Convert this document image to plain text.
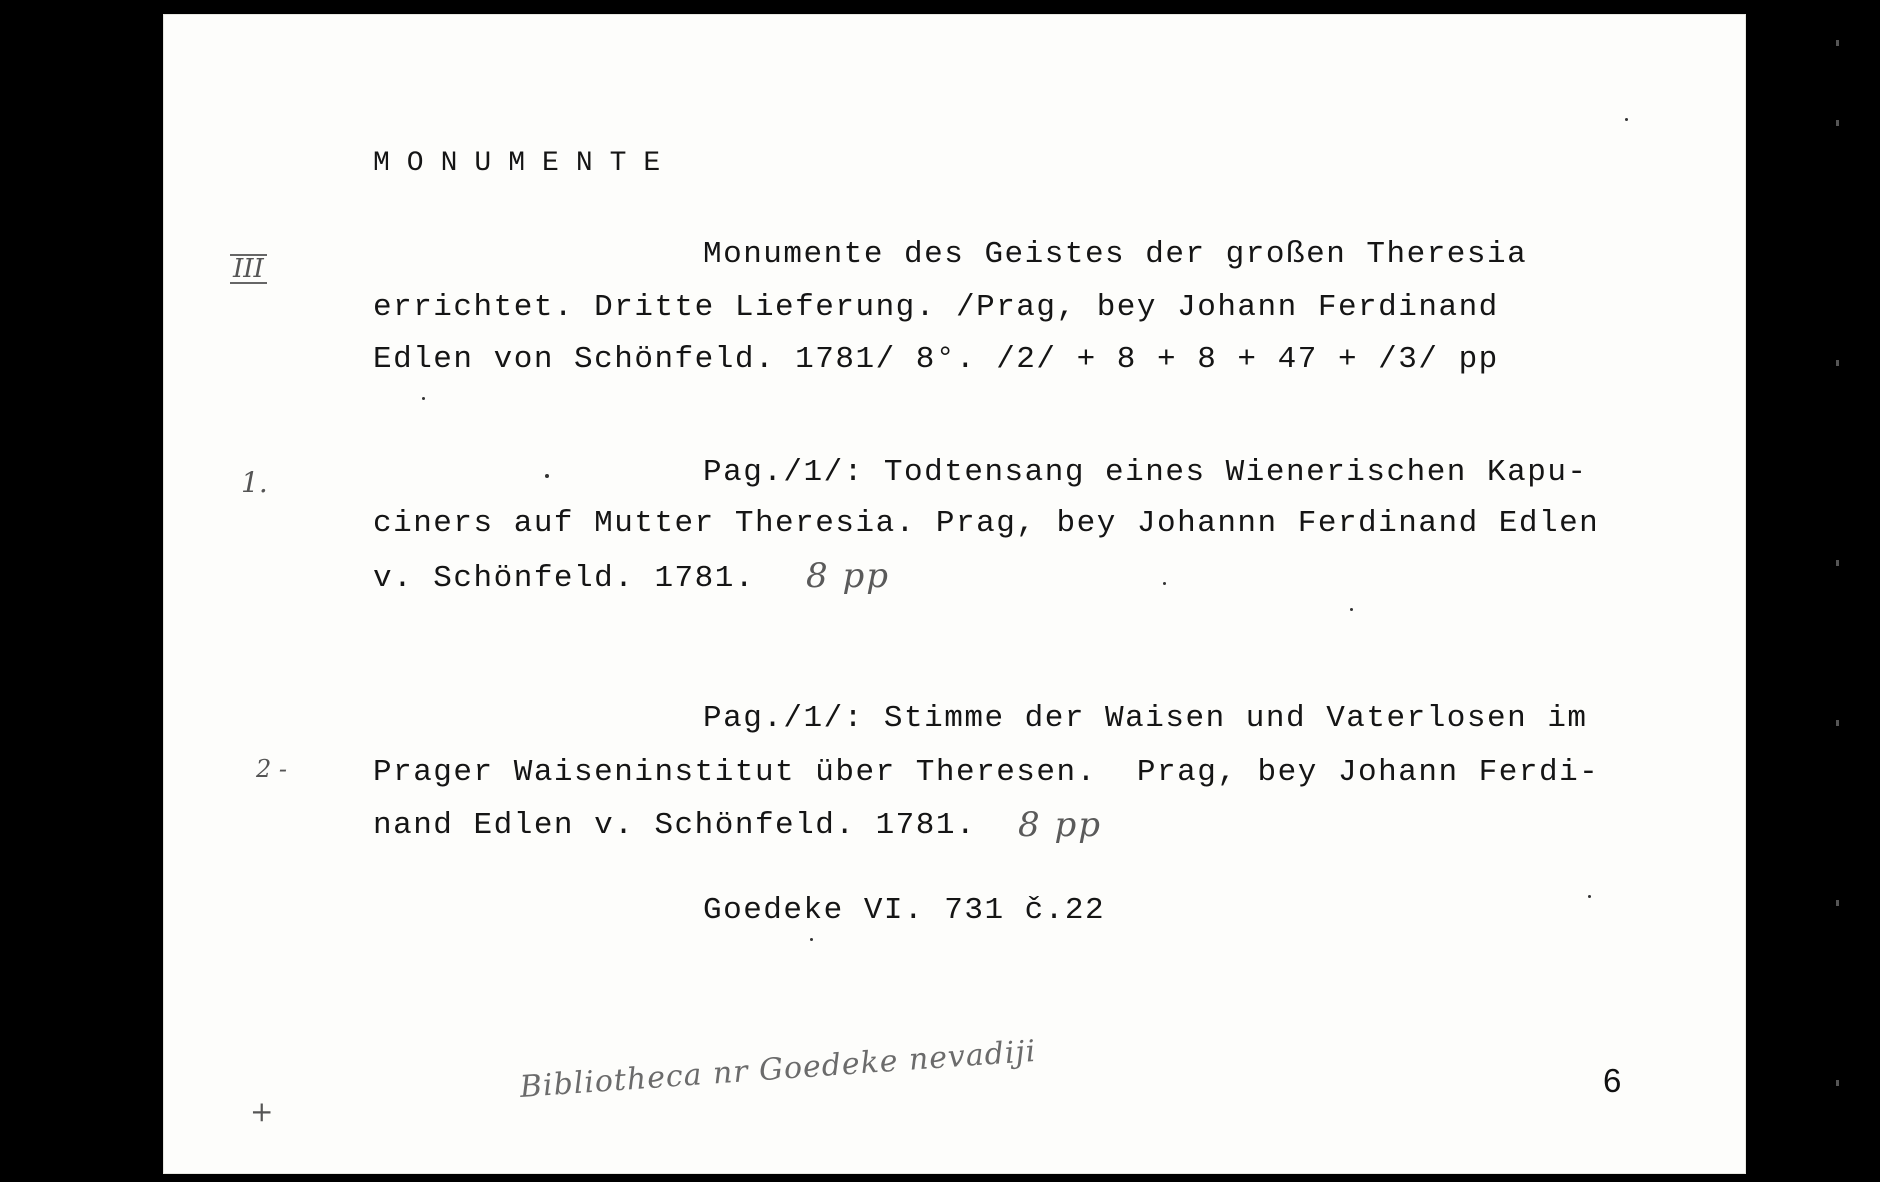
MONUMENTE
Monumente des Geistes der großen Theresia
errichtet. Dritte Lieferung. /Prag, bey Johann Ferdinand
Edlen von Schönfeld. 1781/ 8°. /2/ + 8 + 8 + 47 + /3/ pp
Pag./1/: Todtensang eines Wienerischen Kapu-
ciners auf Mutter Theresia. Prag, bey Johannn Ferdinand Edlen
v. Schönfeld. 1781. 8 pp
Pag./1/: Stimme der Waisen und Vaterlosen im
Prager Waiseninstitut über Theresen.  Prag, bey Johann Ferdi-
nand Edlen v. Schönfeld. 1781. 8 pp
Goedeke VI. 731 č.22
III
1.
2 -
+
Bibliotheca nr Goedeke nevadiji	6
